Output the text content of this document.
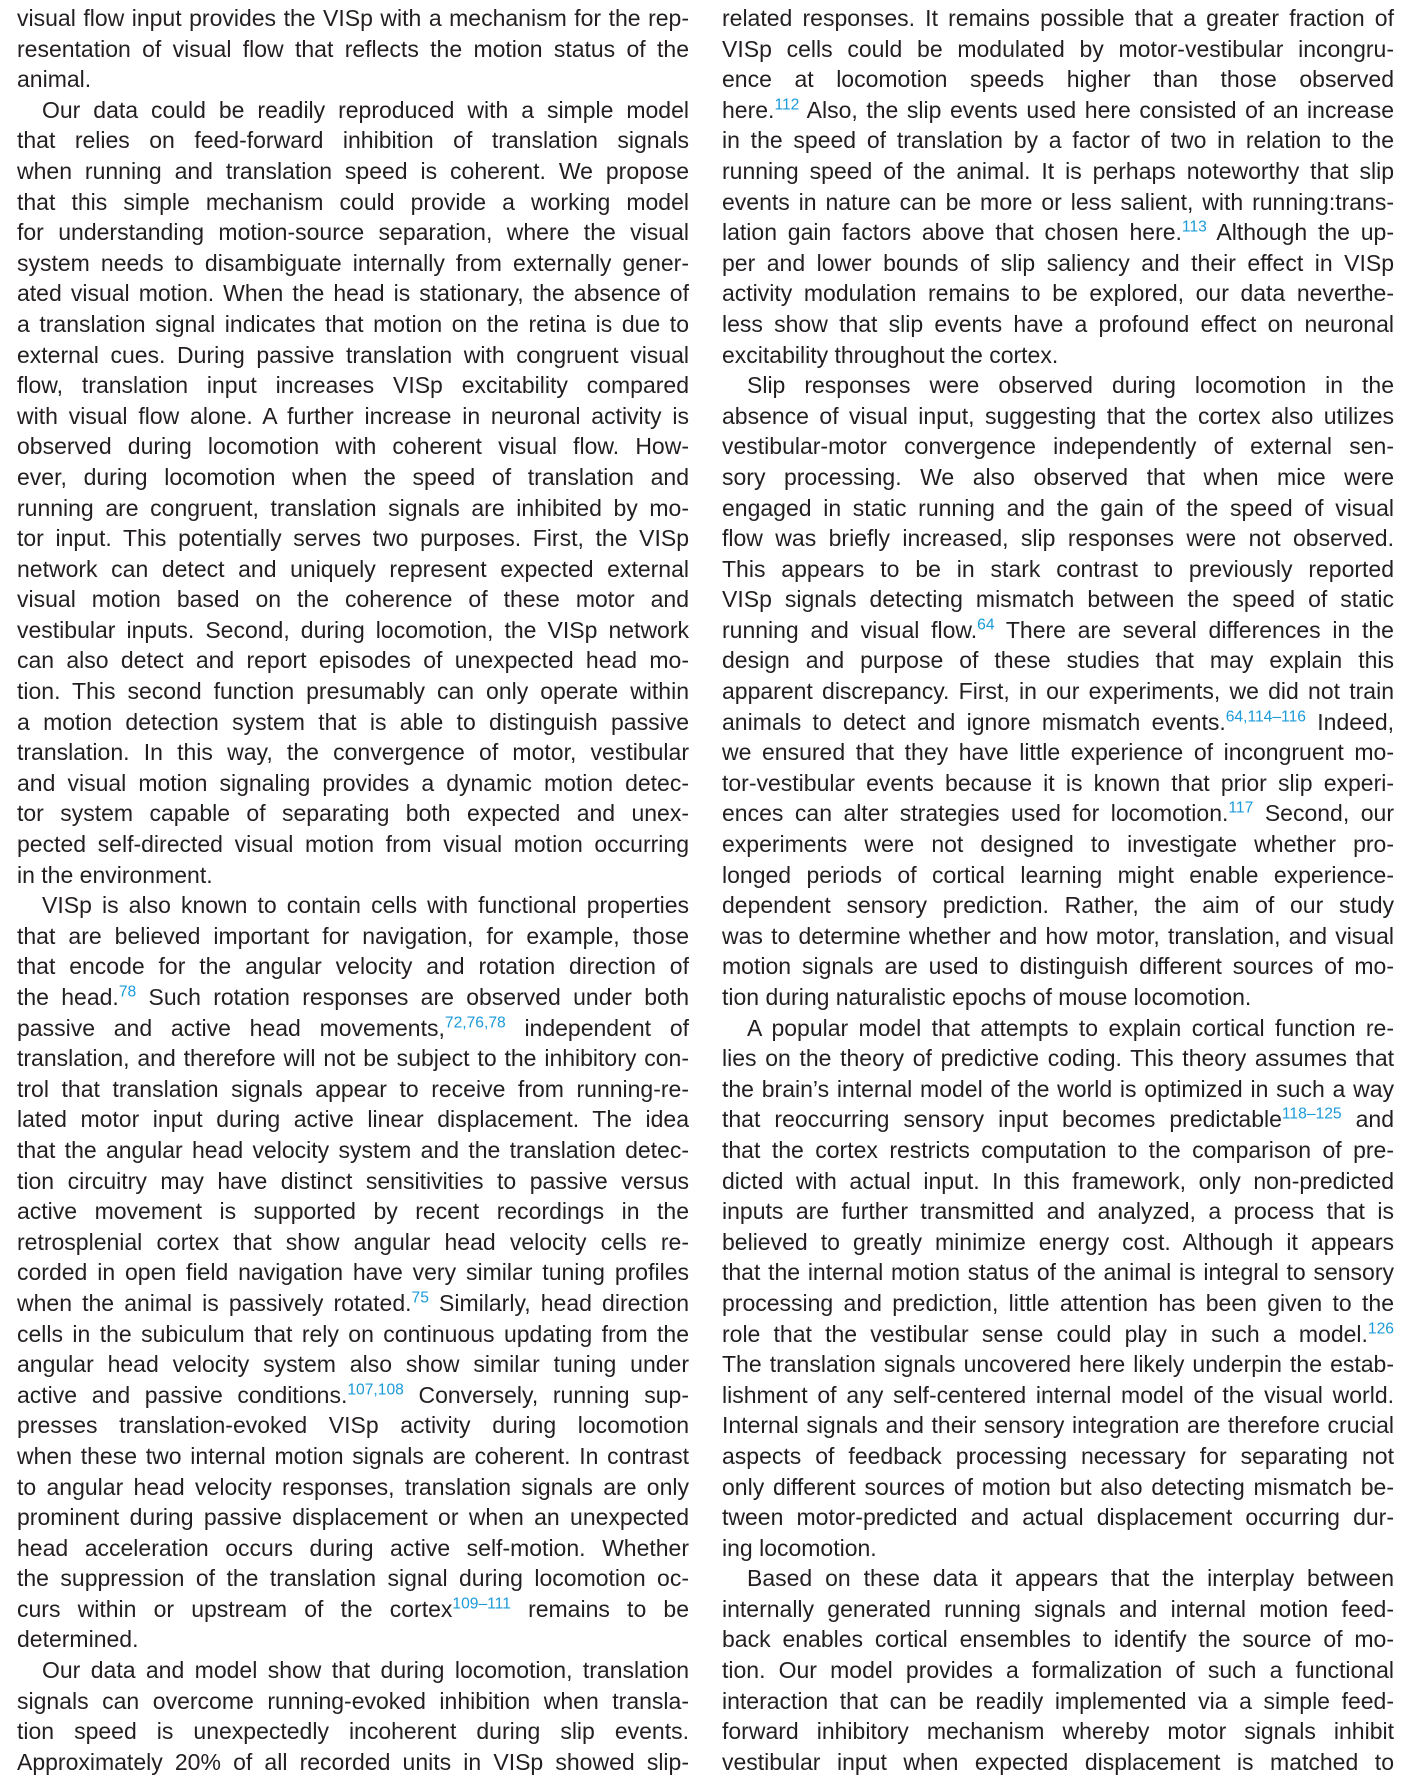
visual flow input provides the VISp with a mechanism for the rep-
resentation of visual flow that reflects the motion status of the
animal.
Our data could be readily reproduced with a simple model
that relies on feed-forward inhibition of translation signals
when running and translation speed is coherent. We propose
that this simple mechanism could provide a working model
for understanding motion-source separation, where the visual
system needs to disambiguate internally from externally gener-
ated visual motion. When the head is stationary, the absence of
a translation signal indicates that motion on the retina is due to
external cues. During passive translation with congruent visual
flow, translation input increases VISp excitability compared
with visual flow alone. A further increase in neuronal activity is
observed during locomotion with coherent visual flow. How-
ever, during locomotion when the speed of translation and
running are congruent, translation signals are inhibited by mo-
tor input. This potentially serves two purposes. First, the VISp
network can detect and uniquely represent expected external
visual motion based on the coherence of these motor and
vestibular inputs. Second, during locomotion, the VISp network
can also detect and report episodes of unexpected head mo-
tion. This second function presumably can only operate within
a motion detection system that is able to distinguish passive
translation. In this way, the convergence of motor, vestibular
and visual motion signaling provides a dynamic motion detec-
tor system capable of separating both expected and unex-
pected self-directed visual motion from visual motion occurring
in the environment.
VISp is also known to contain cells with functional properties
that are believed important for navigation, for example, those
that encode for the angular velocity and rotation direction of
the head.$^{78}$ Such rotation responses are observed under both
passive and active head movements,$^{72,76,78}$ independent of
translation, and therefore will not be subject to the inhibitory con-
trol that translation signals appear to receive from running-re-
lated motor input during active linear displacement. The idea
that the angular head velocity system and the translation detec-
tion circuitry may have distinct sensitivities to passive versus
active movement is supported by recent recordings in the
retrosplenial cortex that show angular head velocity cells re-
corded in open field navigation have very similar tuning profiles
when the animal is passively rotated.$^{75}$ Similarly, head direction
cells in the subiculum that rely on continuous updating from the
angular head velocity system also show similar tuning under
active and passive conditions.$^{107,108}$ Conversely, running sup-
presses translation-evoked VISp activity during locomotion
when these two internal motion signals are coherent. In contrast
to angular head velocity responses, translation signals are only
prominent during passive displacement or when an unexpected
head acceleration occurs during active self-motion. Whether
the suppression of the translation signal during locomotion oc-
curs within or upstream of the cortex$^{109-111}$ remains to be
determined.
Our data and model show that during locomotion, translation
signals can overcome running-evoked inhibition when transla-
tion speed is unexpectedly incoherent during slip events.
Approximately 20% of all recorded units in VISp showed slip-
related responses. It remains possible that a greater fraction of
VISp cells could be modulated by motor-vestibular incongru-
ence at locomotion speeds higher than those observed
here.$^{112}$ Also, the slip events used here consisted of an increase
in the speed of translation by a factor of two in relation to the
running speed of the animal. It is perhaps noteworthy that slip
events in nature can be more or less salient, with running:trans-
lation gain factors above that chosen here.$^{113}$ Although the up-
per and lower bounds of slip saliency and their effect in VISp
activity modulation remains to be explored, our data neverthe-
less show that slip events have a profound effect on neuronal
excitability throughout the cortex.
Slip responses were observed during locomotion in the
absence of visual input, suggesting that the cortex also utilizes
vestibular-motor convergence independently of external sen-
sory processing. We also observed that when mice were
engaged in static running and the gain of the speed of visual
flow was briefly increased, slip responses were not observed.
This appears to be in stark contrast to previously reported
VISp signals detecting mismatch between the speed of static
running and visual flow.$^{64}$ There are several differences in the
design and purpose of these studies that may explain this
apparent discrepancy. First, in our experiments, we did not train
animals to detect and ignore mismatch events.$^{64,114-116}$ Indeed,
we ensured that they have little experience of incongruent mo-
tor-vestibular events because it is known that prior slip experi-
ences can alter strategies used for locomotion.$^{117}$ Second, our
experiments were not designed to investigate whether pro-
longed periods of cortical learning might enable experience-
dependent sensory prediction. Rather, the aim of our study
was to determine whether and how motor, translation, and visual
motion signals are used to distinguish different sources of mo-
tion during naturalistic epochs of mouse locomotion.
A popular model that attempts to explain cortical function re-
lies on the theory of predictive coding. This theory assumes that
the brain’s internal model of the world is optimized in such a way
that reoccurring sensory input becomes predictable$^{118-125}$ and
that the cortex restricts computation to the comparison of pre-
dicted with actual input. In this framework, only non-predicted
inputs are further transmitted and analyzed, a process that is
believed to greatly minimize energy cost. Although it appears
that the internal motion status of the animal is integral to sensory
processing and prediction, little attention has been given to the
role that the vestibular sense could play in such a model.$^{126}$
The translation signals uncovered here likely underpin the estab-
lishment of any self-centered internal model of the visual world.
Internal signals and their sensory integration are therefore crucial
aspects of feedback processing necessary for separating not
only different sources of motion but also detecting mismatch be-
tween motor-predicted and actual displacement occurring dur-
ing locomotion.
Based on these data it appears that the interplay between
internally generated running signals and internal motion feed-
back enables cortical ensembles to identify the source of mo-
tion. Our model provides a formalization of such a functional
interaction that can be readily implemented via a simple feed-
forward inhibitory mechanism whereby motor signals inhibit
vestibular input when expected displacement is matched to
